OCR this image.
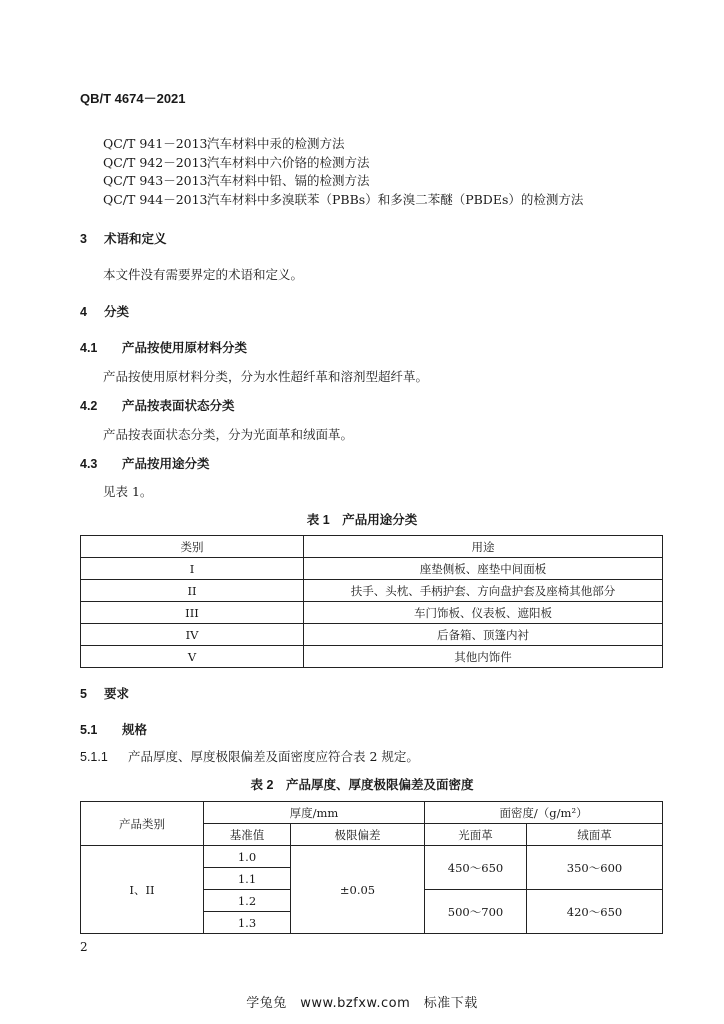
QB/T 4674－2021
QC/T 941－2013汽车材料中汞的检测方法
QC/T 942－2013汽车材料中六价铬的检测方法
QC/T 943－2013汽车材料中铅、镉的检测方法
QC/T 944－2013汽车材料中多溴联苯（PBBs）和多溴二苯醚（PBDEs）的检测方法
3 术语和定义
本文件没有需要界定的术语和定义。
4 分类
4.1 产品按使用原材料分类
产品按使用原材料分类，分为水性超纤革和溶剂型超纤革。
4.2 产品按表面状态分类
产品按表面状态分类，分为光面革和绒面革。
4.3 产品按用途分类
见表 1。
表 1　产品用途分类
类别	用途
I	座垫侧板、座垫中间面板
II	扶手、头枕、手柄护套、方向盘护套及座椅其他部分
III	车门饰板、仪表板、遮阳板
IV	后备箱、顶篷内衬
V	其他内饰件
5 要求
5.1 规格
5.1.1 产品厚度、厚度极限偏差及面密度应符合表 2 规定。
表 2　产品厚度、厚度极限偏差及面密度
产品类别	厚度/mm		面密度/（g/m²）	
	基准值	极限偏差	光面革	绒面革
I、II	1.0	±0.05	450～650	350～600
	1.1			
	1.2		500～700	420～650
	1.3			
2
学兔兔　www.bzfxw.com　标准下载
